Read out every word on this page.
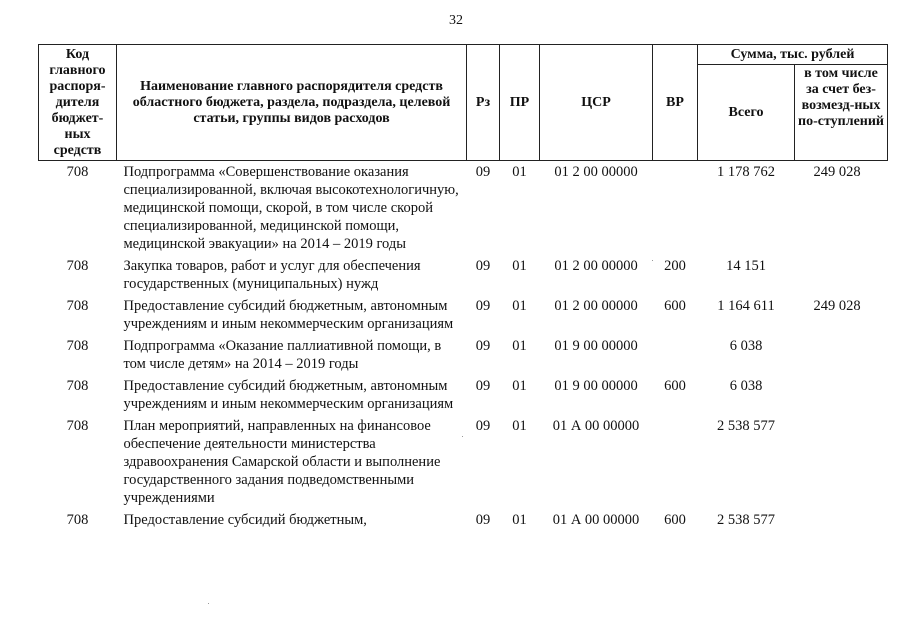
32
Код главного распоря-дителя бюджет-ных средств	Наименование главного распорядителя средств областного бюджета, раздела, подраздела, целевой статьи, группы видов расходов	Рз	ПР	ЦСР	ВР	Сумма, тыс. рублей	
						Всего	в том числе за счет без-возмезд-ных по-ступлений
708	Подпрограмма «Совершенствование оказания специализированной, включая высокотехнологичную, медицинской помощи, скорой, в том числе скорой специализированной, медицинской помощи, медицинской эвакуации» на 2014 – 2019 годы	09	01	01 2 00 00000		1 178 762	249 028
708	Закупка товаров, работ и услуг для обеспечения государственных (муниципальных) нужд	09	01	01 2 00 00000	200	14 151	
708	Предоставление субсидий бюджетным, автономным учреждениям и иным некоммерческим организациям	09	01	01 2 00 00000	600	1 164 611	249 028
708	Подпрограмма «Оказание паллиативной помощи, в том числе детям» на 2014 – 2019 годы	09	01	01 9 00 00000		6 038	
708	Предоставление субсидий бюджетным, автономным учреждениям и иным некоммерческим организациям	09	01	01 9 00 00000	600	6 038	
708	План мероприятий, направленных на финансовое обеспечение деятельности министерства здравоохранения Самарской области и выполнение государственного задания подведомственными учреждениями	09	01	01 А 00 00000		2 538 577	
708	Предоставление субсидий бюджетным,	09	01	01 А 00 00000	600	2 538 577	
